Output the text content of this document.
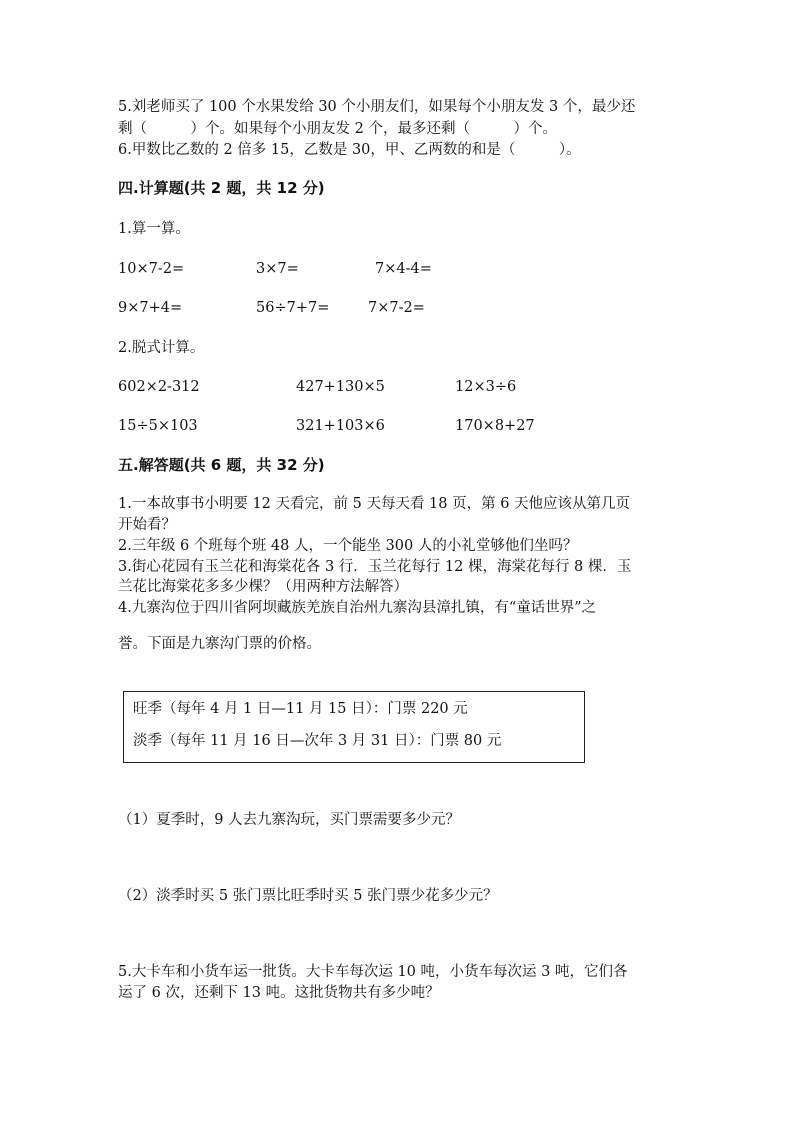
5.刘老师买了 100 个水果发给 30 个小朋友们，如果每个小朋友发 3 个，最少还
剩（　　　）个。如果每个小朋友发 2 个，最多还剩（　　　）个。
6.甲数比乙数的 2 倍多 15，乙数是 30，甲、乙两数的和是（　　　）。
四.计算题(共 2 题，共 12 分)
1.算一算。
10×7-2=	3×7=	7×4-4=
9×7+4=	56÷7+7=	7×7-2=
2.脱式计算。
602×2-312	427+130×5	12×3÷6
15÷5×103	321+103×6	170×8+27
五.解答题(共 6 题，共 32 分)
1.一本故事书小明要 12 天看完，前 5 天每天看 18 页，第 6 天他应该从第几页
开始看？
2.三年级 6 个班每个班 48 人，一个能坐 300 人的小礼堂够他们坐吗？
3.街心花园有玉兰花和海棠花各 3 行．玉兰花每行 12 棵，海棠花每行 8 棵．玉
兰花比海棠花多多少棵？（用两种方法解答）
4.九寨沟位于四川省阿坝藏族羌族自治州九寨沟县漳扎镇，有“童话世界”之
誉。下面是九寨沟门票的价格。
旺季（每年 4 月 1 日—11 月 15 日）：门票 220 元
淡季（每年 11 月 16 日—次年 3 月 31 日）：门票 80 元
（1）夏季时，9 人去九寨沟玩，买门票需要多少元？
（2）淡季时买 5 张门票比旺季时买 5 张门票少花多少元？
5.大卡车和小货车运一批货。大卡车每次运 10 吨，小货车每次运 3 吨，它们各
运了 6 次，还剩下 13 吨。这批货物共有多少吨？
